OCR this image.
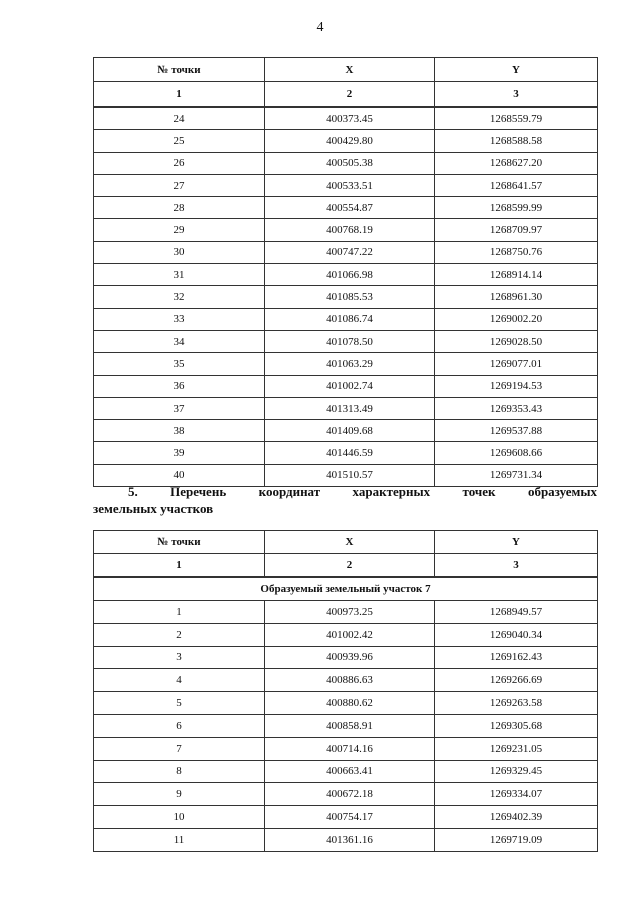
4
№ точки	X	Y
1	2	3
24	400373.45	1268559.79
25	400429.80	1268588.58
26	400505.38	1268627.20
27	400533.51	1268641.57
28	400554.87	1268599.99
29	400768.19	1268709.97
30	400747.22	1268750.76
31	401066.98	1268914.14
32	401085.53	1268961.30
33	401086.74	1269002.20
34	401078.50	1269028.50
35	401063.29	1269077.01
36	401002.74	1269194.53
37	401313.49	1269353.43
38	401409.68	1269537.88
39	401446.59	1269608.66
40	401510.57	1269731.34
5. Перечень координат характерных точек образуемых
земельных участков
№ точки	X	Y
1	2	3
Образуемый земельный участок 7		
1	400973.25	1268949.57
2	401002.42	1269040.34
3	400939.96	1269162.43
4	400886.63	1269266.69
5	400880.62	1269263.58
6	400858.91	1269305.68
7	400714.16	1269231.05
8	400663.41	1269329.45
9	400672.18	1269334.07
10	400754.17	1269402.39
11	401361.16	1269719.09
